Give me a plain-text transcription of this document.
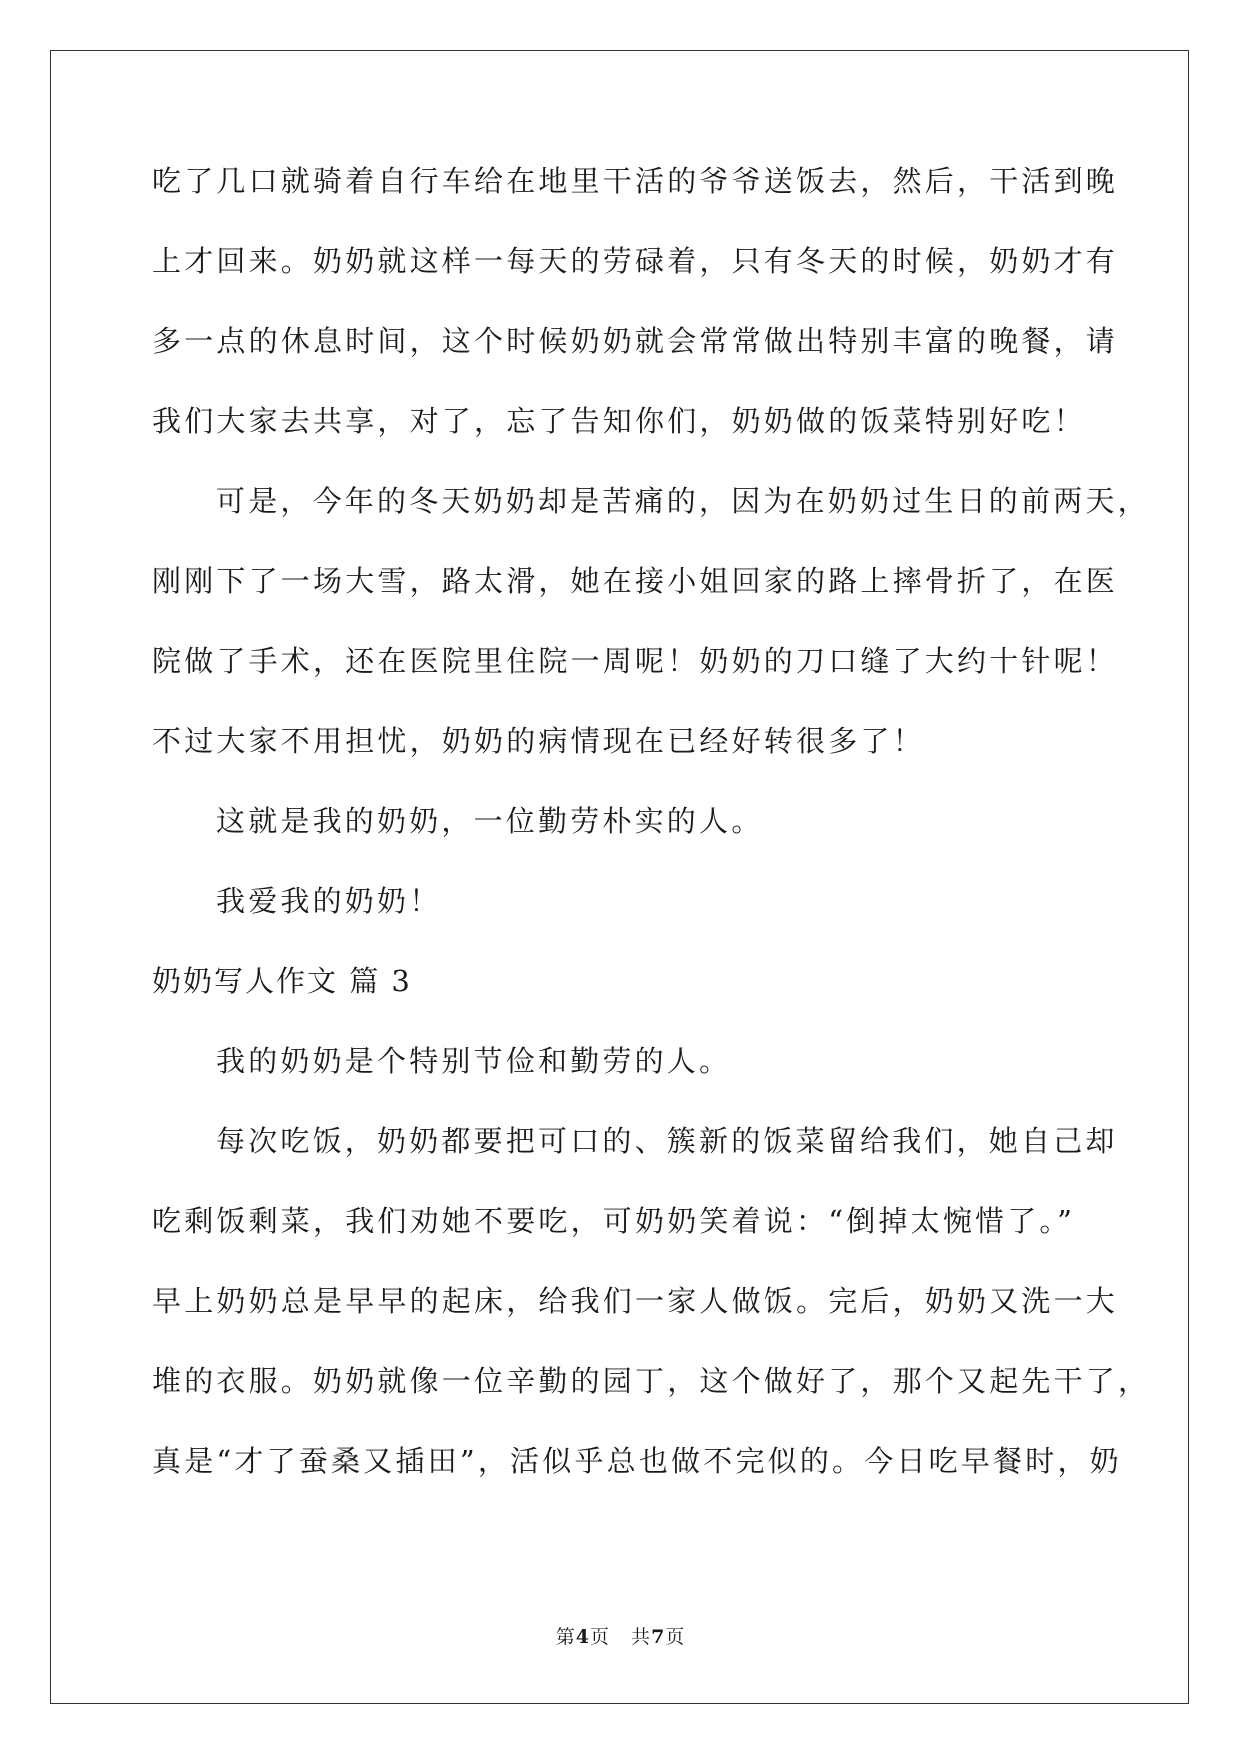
吃了几口就骑着自行车给在地里干活的爷爷送饭去，然后，干活到晚
上才回来。奶奶就这样一每天的劳碌着，只有冬天的时候，奶奶才有
多一点的休息时间，这个时候奶奶就会常常做出特别丰富的晚餐，请
我们大家去共享，对了，忘了告知你们，奶奶做的饭菜特别好吃！
可是，今年的冬天奶奶却是苦痛的，因为在奶奶过生日的前两天，
刚刚下了一场大雪，路太滑，她在接小姐回家的路上摔骨折了，在医
院做了手术，还在医院里住院一周呢！奶奶的刀口缝了大约十针呢！
不过大家不用担忧，奶奶的病情现在已经好转很多了！
这就是我的奶奶，一位勤劳朴实的人。
我爱我的奶奶！
奶奶写人作文 篇 3
我的奶奶是个特别节俭和勤劳的人。
每次吃饭，奶奶都要把可口的、簇新的饭菜留给我们，她自己却
吃剩饭剩菜，我们劝她不要吃，可奶奶笑着说：“倒掉太惋惜了。”
早上奶奶总是早早的起床，给我们一家人做饭。完后，奶奶又洗一大
堆的衣服。奶奶就像一位辛勤的园丁，这个做好了，那个又起先干了，
真是“才了蚕桑又插田”，活似乎总也做不完似的。今日吃早餐时，奶
第4页   共7页
